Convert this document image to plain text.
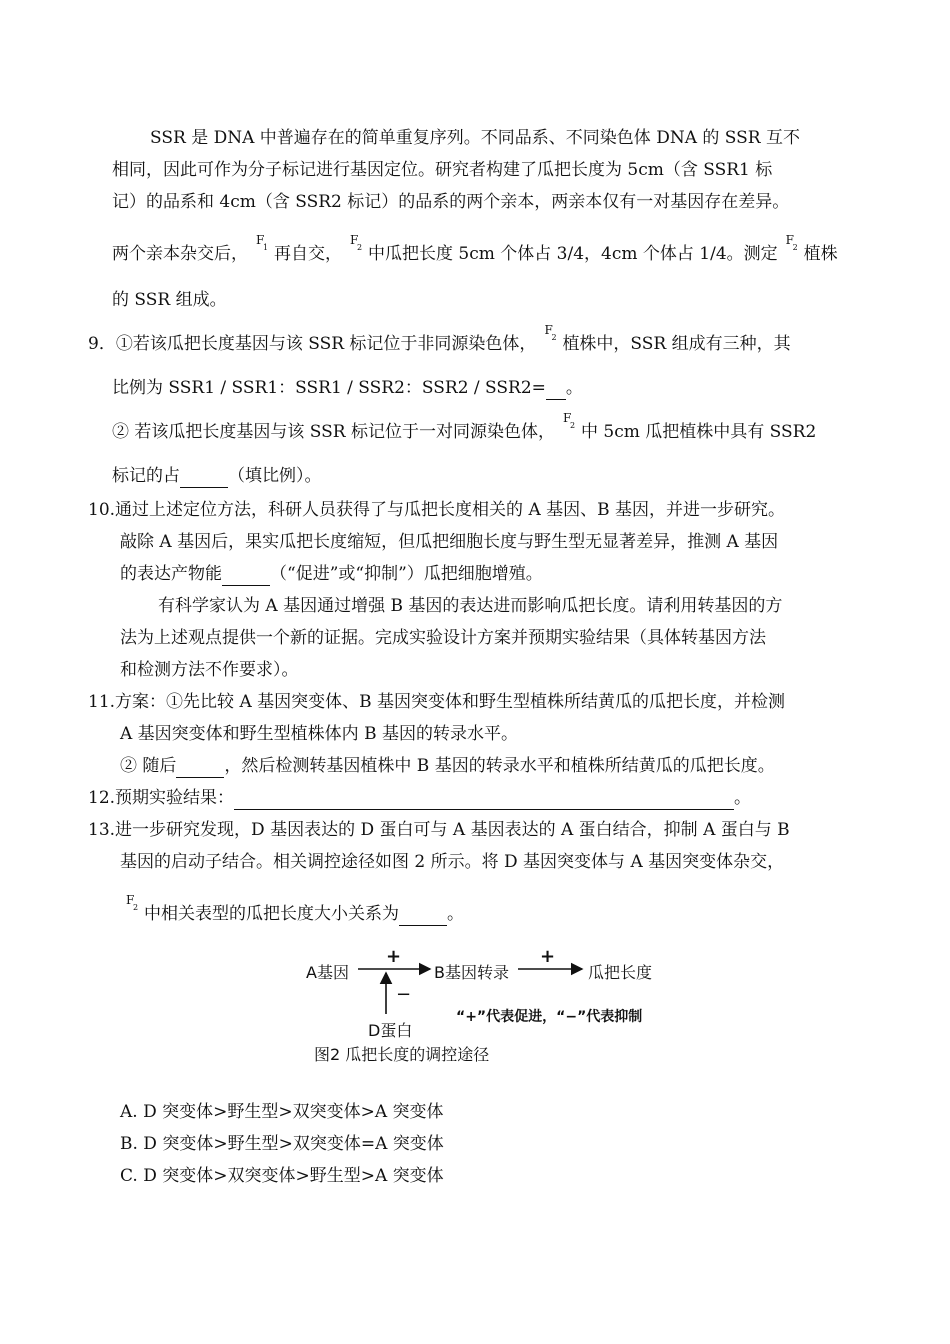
SSR 是 DNA 中普遍存在的简单重复序列。不同品系、不同染色体 DNA 的 SSR 互不
相同，因此可作为分子标记进行基因定位。研究者构建了瓜把长度为 5cm（含 SSR1 标
记）的品系和 4cm（含 SSR2 标记）的品系的两个亲本，两亲本仅有一对基因存在差异。
两个亲本杂交后，
F
1 再自交，
F
2 中瓜把长度 5cm 个体占 3/4，4cm 个体占 1/4。测定
F
2 植株
的 SSR 组成。
9．①若该瓜把长度基因与该 SSR 标记位于非同源染色体，
F
2 植株中，SSR 组成有三种，其
比例为 SSR1 / SSR1：SSR1 / SSR2：SSR2 / SSR2= 。
② 若该瓜把长度基因与该 SSR 标记位于一对同源染色体，
F
2 中 5cm 瓜把植株中具有 SSR2
标记的占	（填比例）。
10.通过上述定位方法，科研人员获得了与瓜把长度相关的 A 基因、B 基因，并进一步研究。
敲除 A 基因后，果实瓜把长度缩短，但瓜把细胞长度与野生型无显著差异，推测 A 基因
的表达产物能	（“促进”或“抑制”）瓜把细胞增殖。
有科学家认为 A 基因通过增强 B 基因的表达进而影响瓜把长度。请利用转基因的方
法为上述观点提供一个新的证据。完成实验设计方案并预期实验结果（具体转基因方法
和检测方法不作要求）。
11.方案：①先比较 A 基因突变体、B 基因突变体和野生型植株所结黄瓜的瓜把长度，并检测
A 基因突变体和野生型植株体内 B 基因的转录水平。
② 随后	，然后检测转基因植株中 B 基因的转录水平和植株所结黄瓜的瓜把长度。
12.预期实验结果：	。
13.进一步研究发现，D 基因表达的 D 蛋白可与 A 基因表达的 A 蛋白结合，抑制 A 蛋白与 B
基因的启动子结合。相关调控途径如图 2 所示。将 D 基因突变体与 A 基因突变体杂交，
F
2 中相关表型的瓜把长度大小关系为	。
A基因
+
B基因转录
+
瓜把长度
−
“+”代表促进，“−”代表抑制
D蛋白
图2 瓜把长度的调控途径
A. D 突变体>野生型>双突变体>A 突变体
B. D 突变体>野生型>双突变体=A 突变体
C. D 突变体>双突变体>野生型>A 突变体
